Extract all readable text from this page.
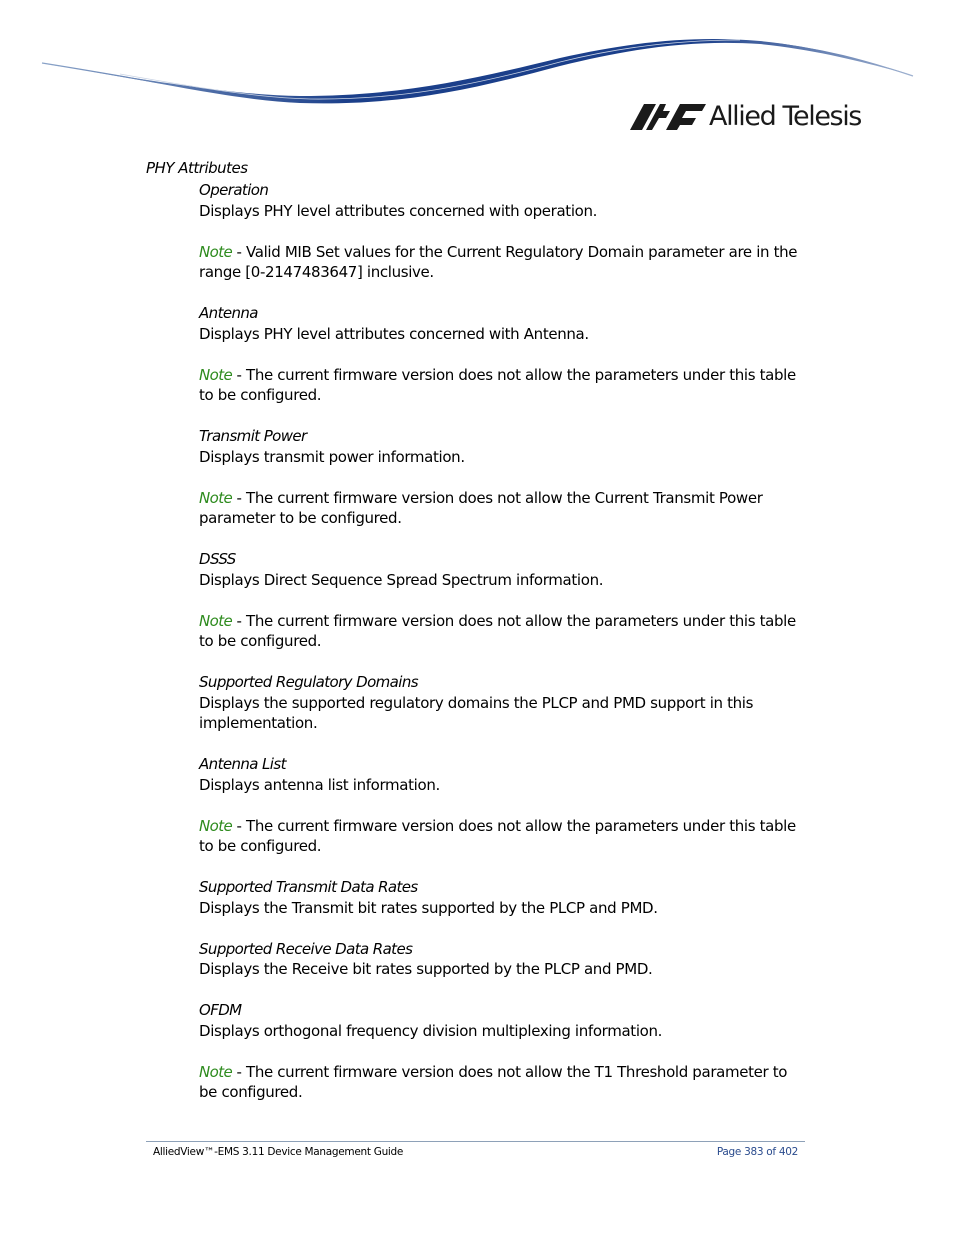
Allied Telesis
PHY Attributes

Operation

Displays PHY level attributes concerned with operation.

Note - Valid MIB Set values for the Current Regulatory Domain parameter are in the range [0-2147483647] inclusive.

Antenna

Displays PHY level attributes concerned with Antenna.

Note - The current firmware version does not allow the parameters under this table to be configured.

Transmit Power

Displays transmit power information.

Note - The current firmware version does not allow the Current Transmit Power parameter to be configured.

DSSS

Displays Direct Sequence Spread Spectrum information.

Note - The current firmware version does not allow the parameters under this table to be configured.

Supported Regulatory Domains

Displays the supported regulatory domains the PLCP and PMD support in this implementation.

Antenna List

Displays antenna list information.

Note - The current firmware version does not allow the parameters under this table to be configured.

Supported Transmit Data Rates

Displays the Transmit bit rates supported by the PLCP and PMD.

Supported Receive Data Rates

Displays the Receive bit rates supported by the PLCP and PMD.

OFDM

Displays orthogonal frequency division multiplexing information.

Note - The current firmware version does not allow the T1 Threshold parameter to be configured.

AlliedView™-EMS 3.11 Device Management Guide	Page 383 of 402
